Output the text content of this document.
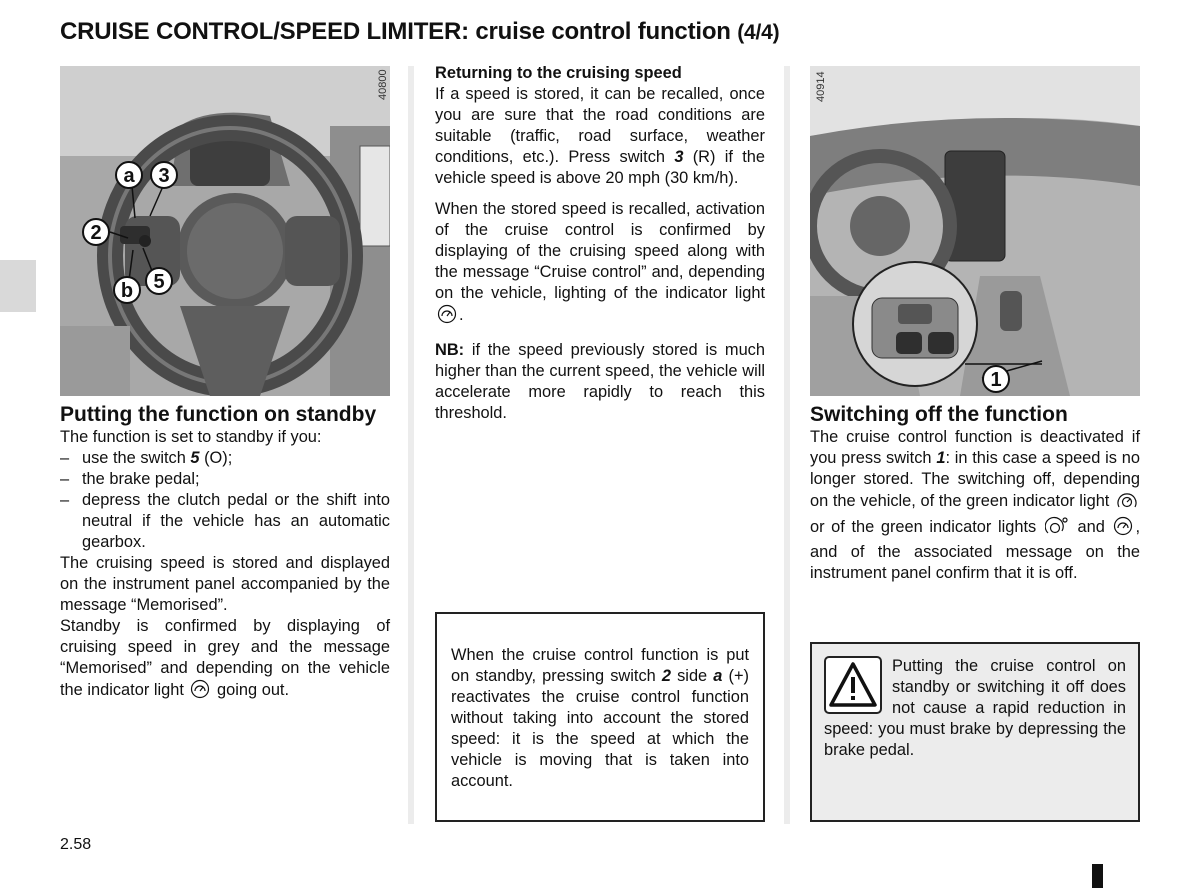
CRUISE CONTROL/SPEED LIMITER: cruise control function (4/4)
40800
a 3
2
5
b
Putting the function on standby

The function is set to standby if you:

– use the switch 5 (O);
– the brake pedal;
– depress the clutch pedal or the shift into neutral if the vehicle has an automatic gearbox.

The cruising speed is stored and displayed on the instrument panel accompanied by the message “Memorised”.

Standby is confirmed by displaying of cruising speed in grey and the message “Memorised” and depending on the vehicle the indicator light going out.

Returning to the cruising speed

If a speed is stored, it can be recalled, once you are sure that the road conditions are suitable (traffic, road surface, weather conditions, etc.). Press switch 3 (R) if the vehicle speed is above 20 mph (30 km/h).

When the stored speed is recalled, activation of the cruise control is confirmed by displaying of the cruising speed along with the message “Cruise control” and, depending on the vehicle, lighting of the indicator light .

NB: if the speed previously stored is much higher than the current speed, the vehicle will accelerate more rapidly to reach this threshold.

When the cruise control function is put on standby, pressing switch 2 side a (+) reactivates the cruise control function without taking into account the stored speed: it is the speed at which the vehicle is moving that is taken into account.

40914
1
Switching off the function

The cruise control function is deactivated if you press switch 1: in this case a speed is no longer stored. The switching off, depending on the vehicle, of the green indicator light  or of the green indicator lights	and , and of the associated message on the instrument panel confirm that it is off.

Putting the cruise control on standby or switching it off does not cause a rapid reduction in speed: you must brake by depressing the brake pedal.

2.58
